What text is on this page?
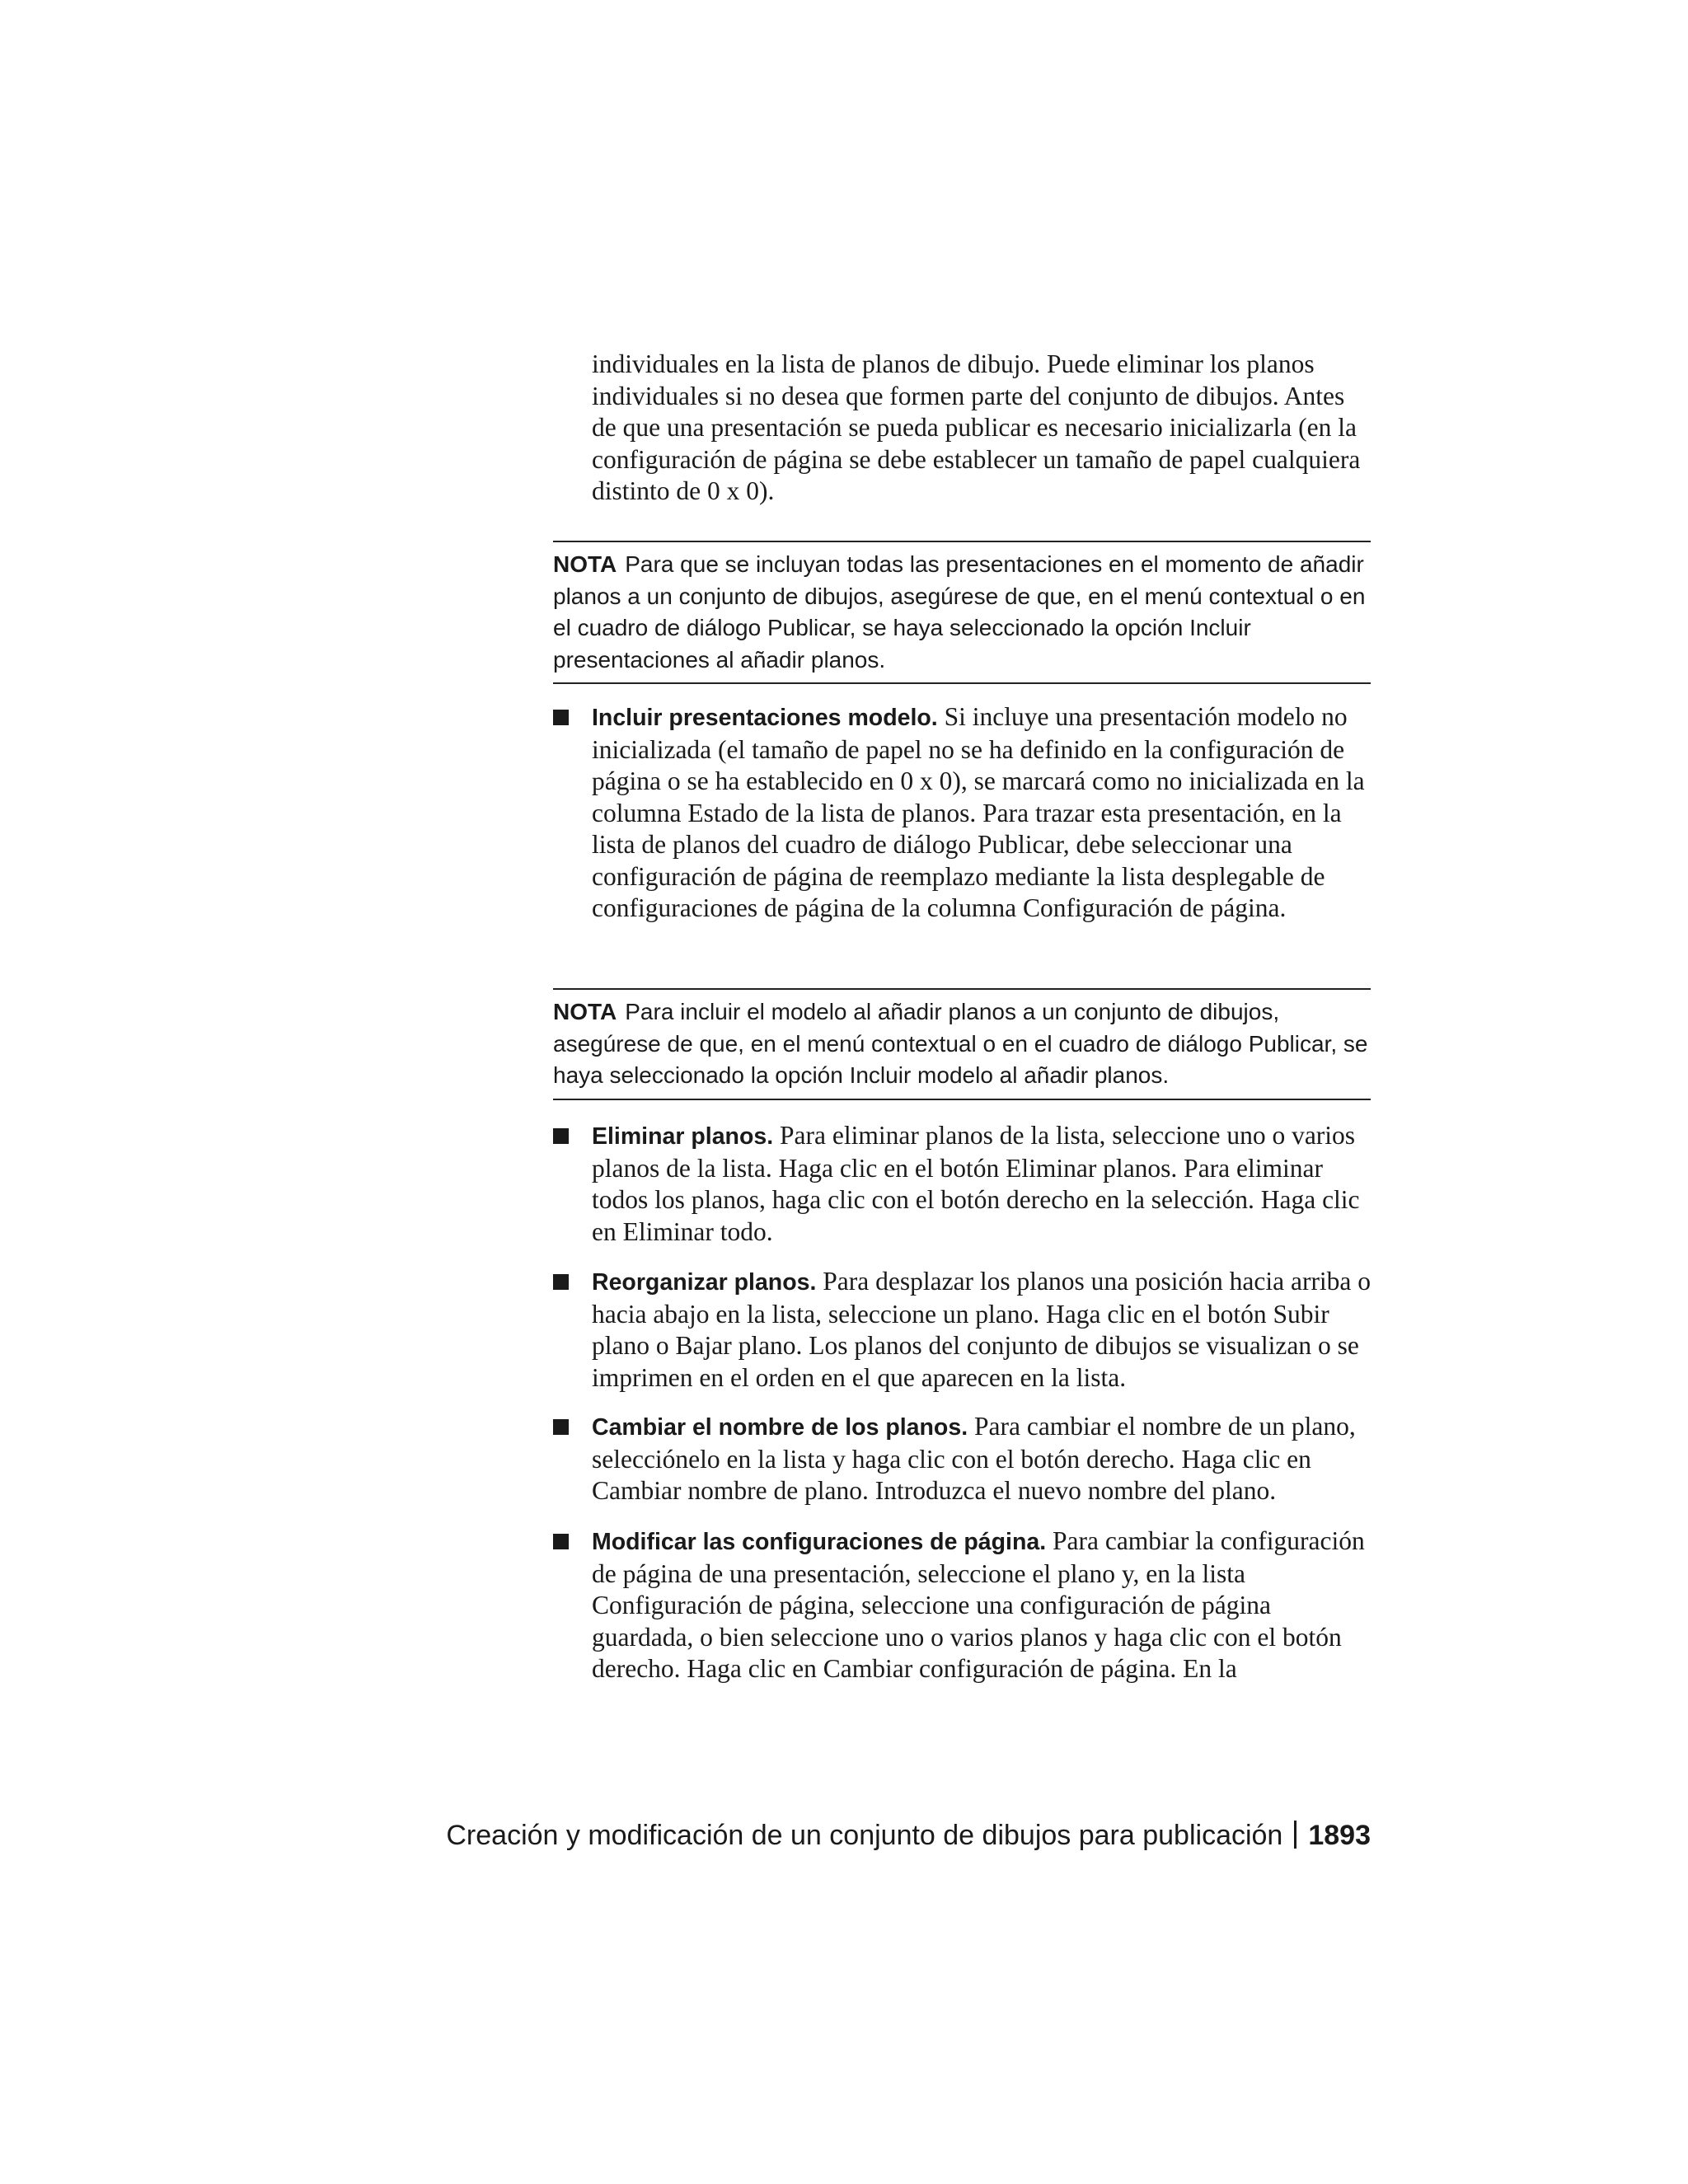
individuales en la lista de planos de dibujo. Puede eliminar los planos individuales si no desea que formen parte del conjunto de dibujos. Antes de que una presentación se pueda publicar es necesario inicializarla (en la configuración de página se debe establecer un tamaño de papel cualquiera distinto de 0 x 0).
NOTA Para que se incluyan todas las presentaciones en el momento de añadir planos a un conjunto de dibujos, asegúrese de que, en el menú contextual o en el cuadro de diálogo Publicar, se haya seleccionado la opción Incluir presentaciones al añadir planos.
Incluir presentaciones modelo. Si incluye una presentación modelo no inicializada (el tamaño de papel no se ha definido en la configuración de página o se ha establecido en 0 x 0), se marcará como no inicializada en la columna Estado de la lista de planos. Para trazar esta presentación, en la lista de planos del cuadro de diálogo Publicar, debe seleccionar una configuración de página de reemplazo mediante la lista desplegable de configuraciones de página de la columna Configuración de página.
NOTA Para incluir el modelo al añadir planos a un conjunto de dibujos, asegúrese de que, en el menú contextual o en el cuadro de diálogo Publicar, se haya seleccionado la opción Incluir modelo al añadir planos.
Eliminar planos. Para eliminar planos de la lista, seleccione uno o varios planos de la lista. Haga clic en el botón Eliminar planos. Para eliminar todos los planos, haga clic con el botón derecho en la selección. Haga clic en Eliminar todo.
Reorganizar planos. Para desplazar los planos una posición hacia arriba o hacia abajo en la lista, seleccione un plano. Haga clic en el botón Subir plano o Bajar plano. Los planos del conjunto de dibujos se visualizan o se imprimen en el orden en el que aparecen en la lista.
Cambiar el nombre de los planos. Para cambiar el nombre de un plano, selecciónelo en la lista y haga clic con el botón derecho. Haga clic en Cambiar nombre de plano. Introduzca el nuevo nombre del plano.
Modificar las configuraciones de página. Para cambiar la configuración de página de una presentación, seleccione el plano y, en la lista Configuración de página, seleccione una configuración de página guardada, o bien seleccione uno o varios planos y haga clic con el botón derecho. Haga clic en Cambiar configuración de página. En la
Creación y modificación de un conjunto de dibujos para publicación 1893
